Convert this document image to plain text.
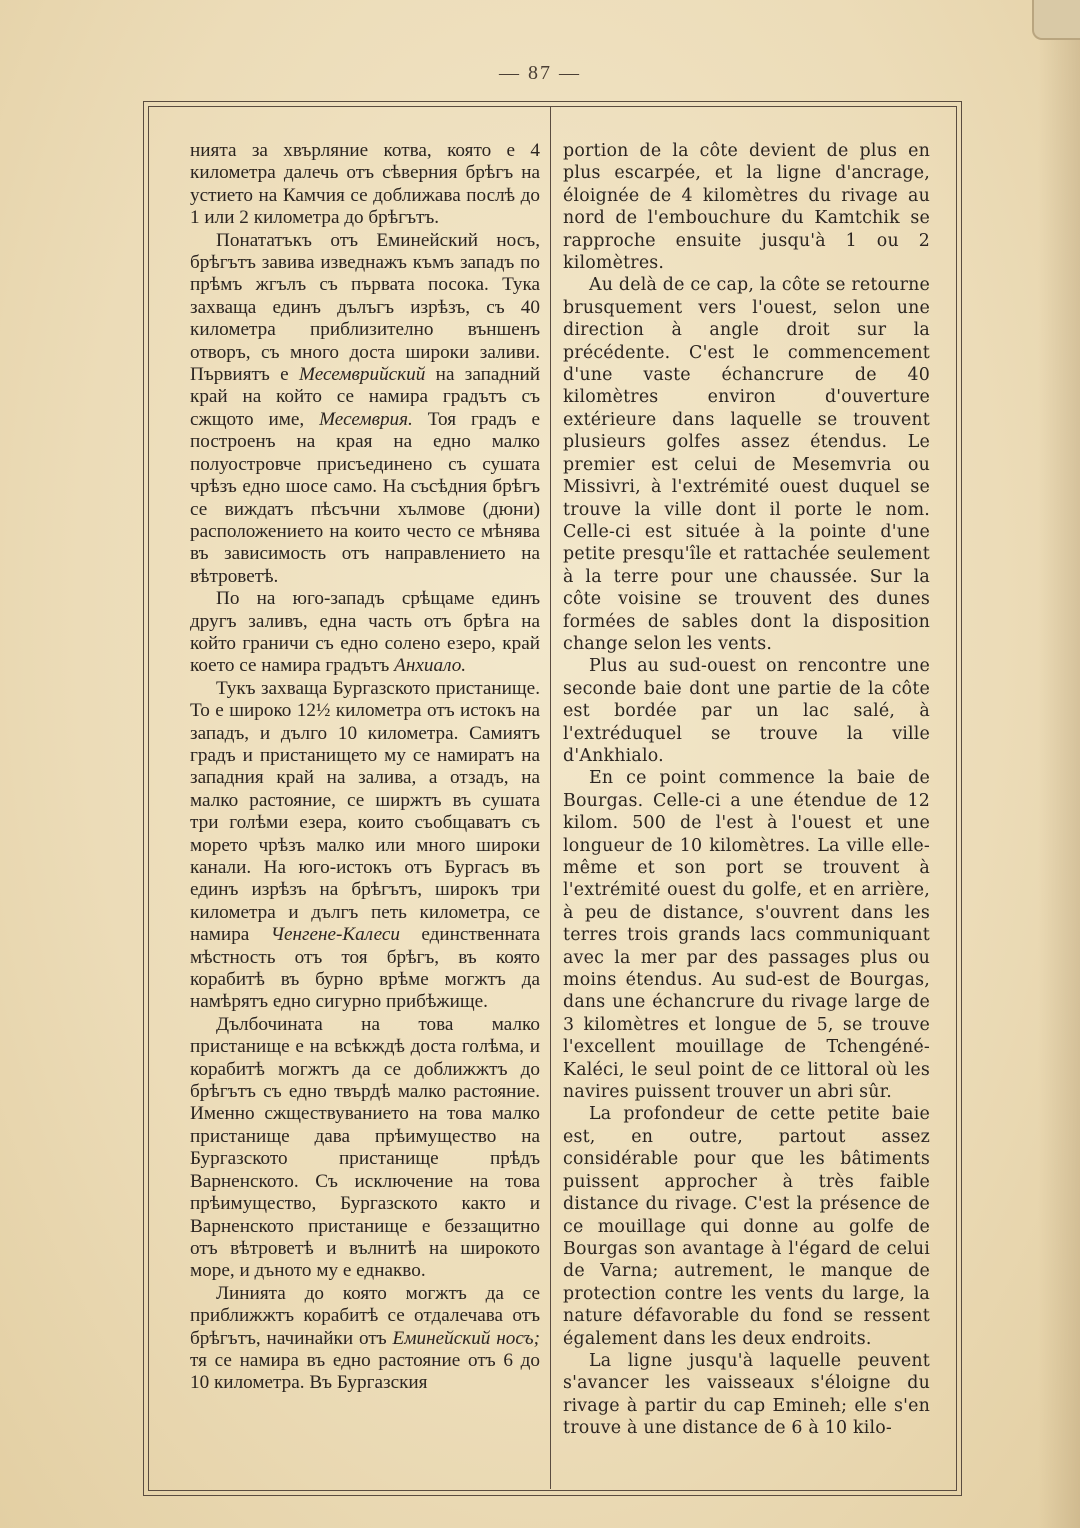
— 87 —

нията за хвърляние котва, която е 4 километра далечь отъ сѣверния брѣгъ на устието на Камчия се доближава послѣ до 1 или 2 километра до брѣгътъ.

Понататъкъ отъ Еминейский носъ, брѣгътъ завива изведнажъ къмъ западъ по прѣмъ жгълъ съ първата посока. Тука захваща единъ дълъгъ изрѣзъ, съ 40 километра приблизително външенъ отворъ, съ много доста широки заливи. Първиятъ е Месемврийский на западний край на който се намира градътъ съ сжщото име, Месемврия. Тоя градъ е построенъ на края на едно малко полуостровче присъединено съ сушата чрѣзъ едно шосе само. На съсѣдния брѣгъ се виждатъ пѣсъчни хълмове (дюни) расположението на които често се мѣнява въ зависимость отъ направлението на вѣтроветѣ.

По на юго-западъ срѣщаме единъ другъ заливъ, една часть отъ брѣга на който граничи съ едно солено езеро, край което се намира градътъ Анхиало.

Тукъ захваща Бургазското пристанище. То е широко 12½ километра отъ истокъ на западъ, и дълго 10 километра. Самиятъ градъ и пристанището му се намиратъ на западния край на залива, а отзадъ, на малко растояние, се ширжтъ въ сушата три голѣми езера, които съобщаватъ съ морето чрѣзъ малко или много широки канали. На юго-истокъ отъ Бургасъ въ единъ изрѣзъ на брѣгътъ, широкъ три километра и дългъ петь километра, се намира Ченгене-Калеси единственната мѣстность отъ тоя брѣгъ, въ която корабитѣ въ бурно врѣме могжтъ да намѣрятъ едно сигурно прибѣжище.

Дълбочината на това малко пристанище е на всѣкждѣ доста голѣма, и корабитѣ могжтъ да се доближжтъ до брѣгътъ съ едно твърдѣ малко растояние. Именно сжществуванието на това малко пристанище дава прѣимущество на Бургазското пристанище прѣдъ Варненското. Съ исключение на това прѣимущество, Бургазското както и Варненското пристанище е беззащитно отъ вѣтроветѣ и вълнитѣ на широкото море, и дъното му е еднакво.

Линията до която могжтъ да се приближжтъ корабитѣ се отдалечава отъ брѣгътъ, начинайки отъ Еминейский носъ; тя се намира въ едно растояние отъ 6 до 10 километра. Въ Бургазския

portion de la côte devient de plus en plus escarpée, et la ligne d'ancrage, éloignée de 4 kilomètres du rivage au nord de l'embouchure du Kamtchik se rapproche ensuite jusqu'à 1 ou 2 kilomètres.

Au delà de ce cap, la côte se retourne brusquement vers l'ouest, selon une direction à angle droit sur la précédente. C'est le commencement d'une vaste échancrure de 40 kilomètres environ d'ouverture extérieure dans laquelle se trouvent plusieurs golfes assez étendus. Le premier est celui de Mesemvria ou Missivri, à l'extrémité ouest duquel se trouve la ville dont il porte le nom. Celle-ci est située à la pointe d'une petite presqu'île et rattachée seulement à la terre pour une chaussée. Sur la côte voisine se trouvent des dunes formées de sables dont la disposition change selon les vents.

Plus au sud-ouest on rencontre une seconde baie dont une partie de la côte est bordée par un lac salé, à l'extréduquel se trouve la ville d'Ankhialo.

En ce point commence la baie de Bourgas. Celle-ci a une étendue de 12 kilom. 500 de l'est à l'ouest et une longueur de 10 kilomètres. La ville elle-même et son port se trouvent à l'extrémité ouest du golfe, et en arrière, à peu de distance, s'ouvrent dans les terres trois grands lacs communiquant avec la mer par des passages plus ou moins étendus. Au sud-est de Bourgas, dans une échancrure du rivage large de 3 kilomètres et longue de 5, se trouve l'excellent mouillage de Tchengéné-Kaléci, le seul point de ce littoral où les navires puissent trouver un abri sûr.

La profondeur de cette petite baie est, en outre, partout assez considérable pour que les bâtiments puissent approcher à très faible distance du rivage. C'est la présence de ce mouillage qui donne au golfe de Bourgas son avantage à l'égard de celui de Varna; autrement, le manque de protection contre les vents du large, la nature défavorable du fond se ressent également dans les deux endroits.

La ligne jusqu'à laquelle peuvent s'avancer les vaisseaux s'éloigne du rivage à partir du cap Emineh; elle s'en trouve à une distance de 6 à 10 kilo-
